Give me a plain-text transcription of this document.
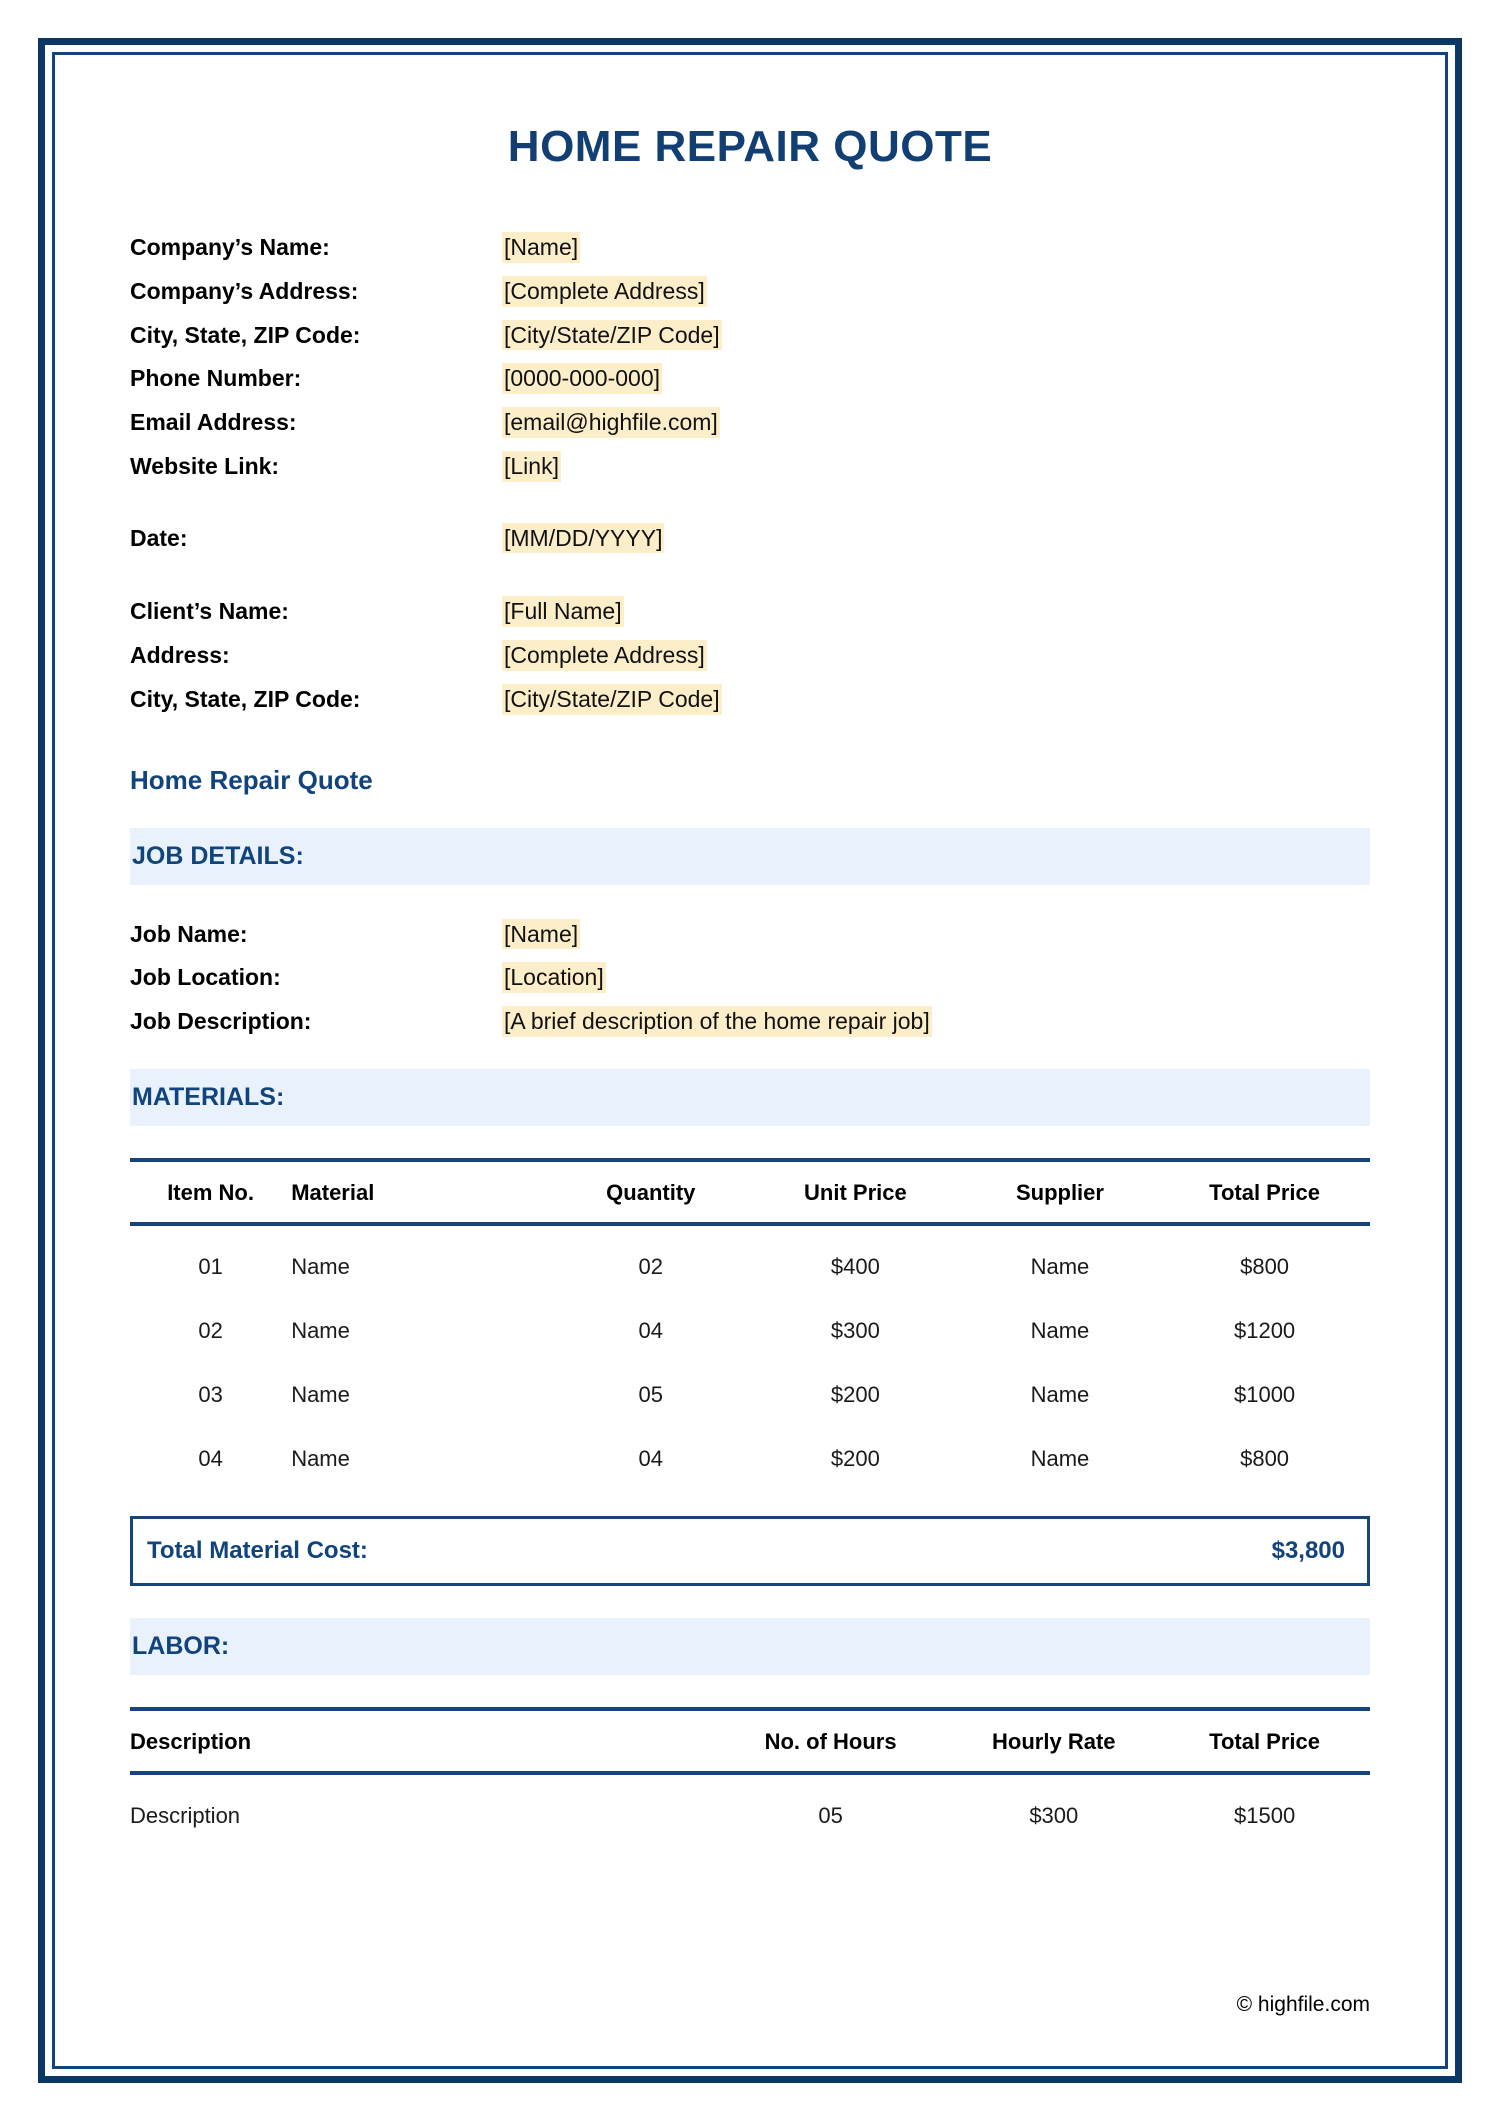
HOME REPAIR QUOTE
Company’s Name:	[Name]
Company’s Address:	[Complete Address]
City, State, ZIP Code:	[City/State/ZIP Code]
Phone Number:	[0000-000-000]
Email Address:	[email@highfile.com]
Website Link:	[Link]
Date:	[MM/DD/YYYY]
Client’s Name:	[Full Name]
Address:	[Complete Address]
City, State, ZIP Code:	[City/State/ZIP Code]
Home Repair Quote
JOB DETAILS:
Job Name:	[Name]
Job Location:	[Location]
Job Description:	[A brief description of the home repair job]
MATERIALS:
Item No.	Material	Quantity	Unit Price	Supplier	Total Price
01	Name	02	$400	Name	$800
02	Name	04	$300	Name	$1200
03	Name	05	$200	Name	$1000
04	Name	04	$200	Name	$800
Total Material Cost:	$3,800
LABOR:
Description	No. of Hours	Hourly Rate	Total Price
Description	05	$300	$1500
© highfile.com
